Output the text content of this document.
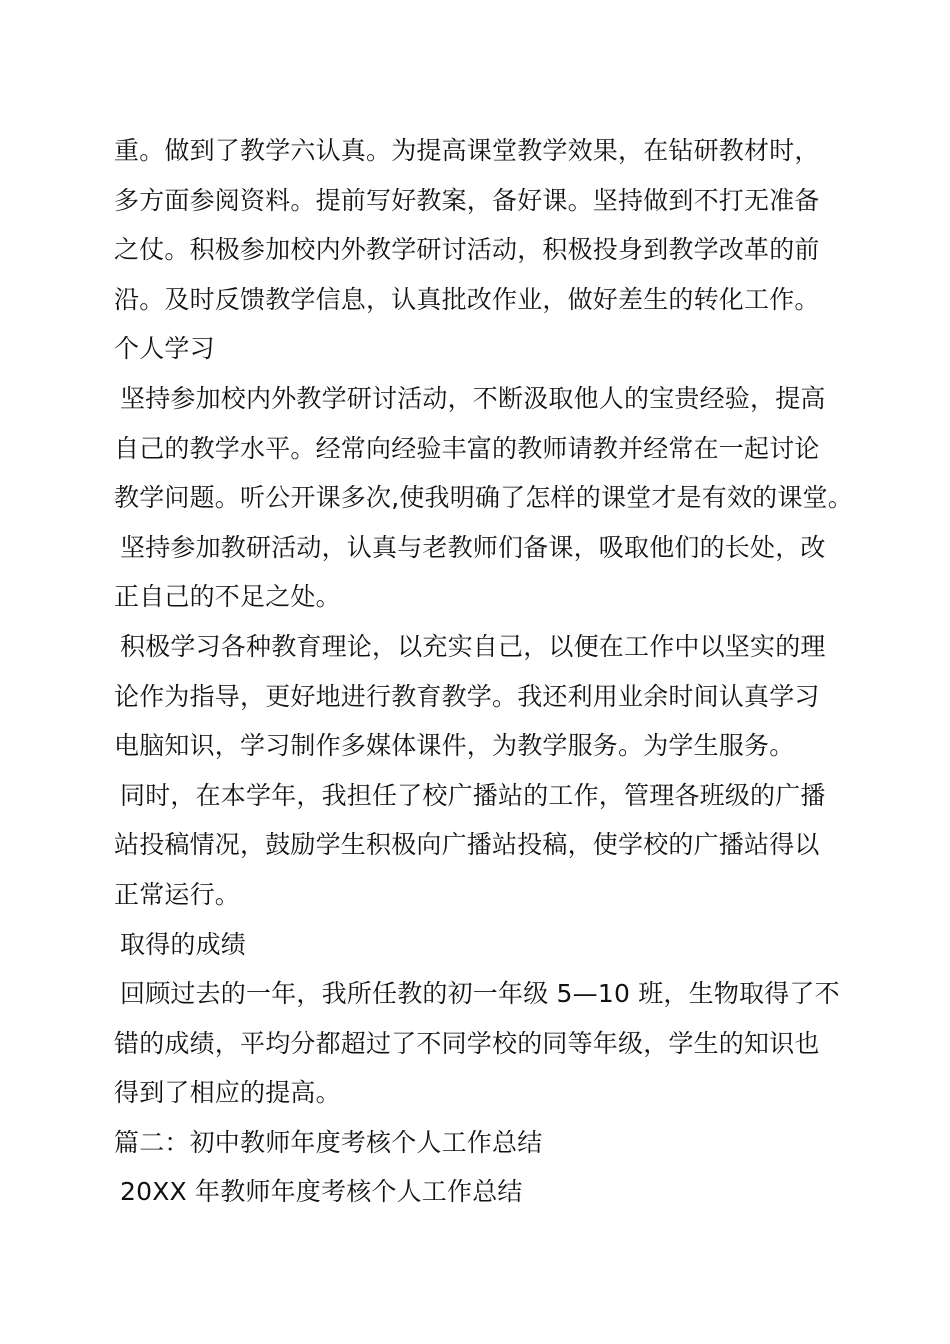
重。做到了教学六认真。为提高课堂教学效果，在钻研教材时，
多方面参阅资料。提前写好教案，备好课。坚持做到不打无准备
之仗。积极参加校内外教学研讨活动，积极投身到教学改革的前
沿。及时反馈教学信息，认真批改作业，做好差生的转化工作。
个人学习
坚持参加校内外教学研讨活动，不断汲取他人的宝贵经验，提高
自己的教学水平。经常向经验丰富的教师请教并经常在一起讨论
教学问题。听公开课多次,使我明确了怎样的课堂才是有效的课堂。
坚持参加教研活动，认真与老教师们备课，吸取他们的长处，改
正自己的不足之处。
积极学习各种教育理论，以充实自己，以便在工作中以坚实的理
论作为指导，更好地进行教育教学。我还利用业余时间认真学习
电脑知识，学习制作多媒体课件，为教学服务。为学生服务。
同时，在本学年，我担任了校广播站的工作，管理各班级的广播
站投稿情况，鼓励学生积极向广播站投稿，使学校的广播站得以
正常运行。
取得的成绩
回顾过去的一年，我所任教的初一年级 5—10 班，生物取得了不
错的成绩，平均分都超过了不同学校的同等年级，学生的知识也
得到了相应的提高。
篇二：初中教师年度考核个人工作总结
20XX 年教师年度考核个人工作总结
